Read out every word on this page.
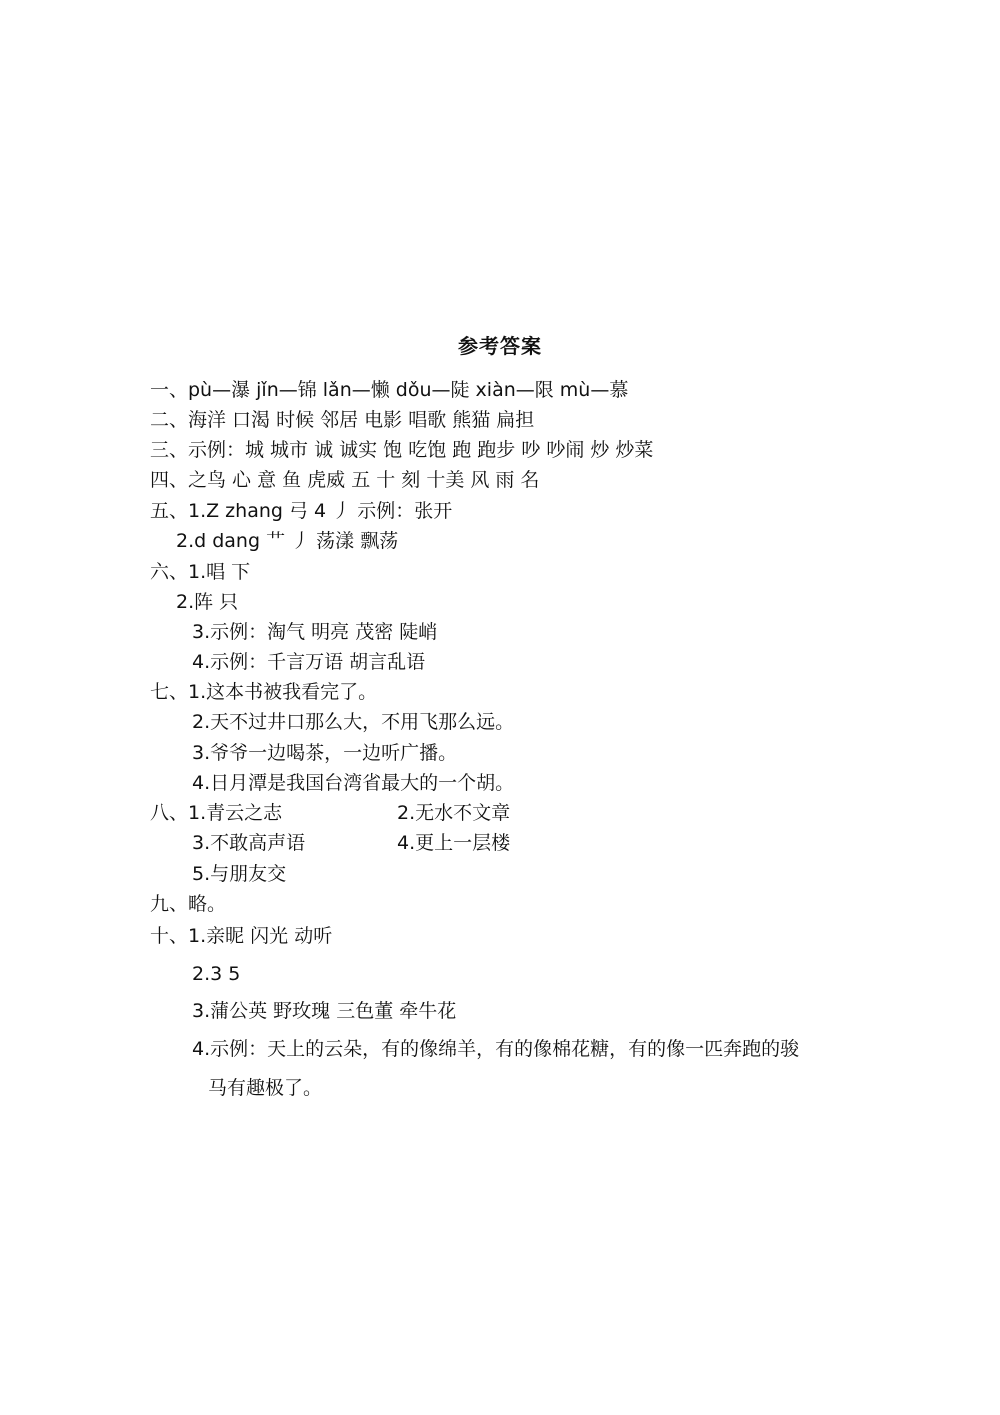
参考答案
一、pù—瀑 jǐn—锦 lǎn—懒 dǒu—陡 xiàn—限 mù—慕
二、海洋 口渴 时候 邻居 电影 唱歌 熊猫 扁担
三、示例：城 城市 诚 诚实 饱 吃饱 跑 跑步 吵 吵闹 炒 炒菜
四、之鸟 心 意 鱼 虎威 五 十 刻 十美 风 雨 名
五、1.Z zhang 弓 4 丿 示例：张开
2.d dang 艹 丿 荡漾 飘荡
六、1.唱 下
2.阵 只
3.示例：淘气 明亮 茂密 陡峭
4.示例：千言万语 胡言乱语
七、1.这本书被我看完了。
2.天不过井口那么大，不用飞那么远。
3.爷爷一边喝茶，一边听广播。
4.日月潭是我国台湾省最大的一个胡。
八、1.青云之志	2.无水不文章
3.不敢高声语	4.更上一层楼
5.与朋友交
九、略。
十、1.亲昵 闪光 动听
2.3 5
3.蒲公英 野玫瑰 三色董 牵牛花
4.示例：天上的云朵，有的像绵羊，有的像棉花糖，有的像一匹奔跑的骏
马有趣极了。
